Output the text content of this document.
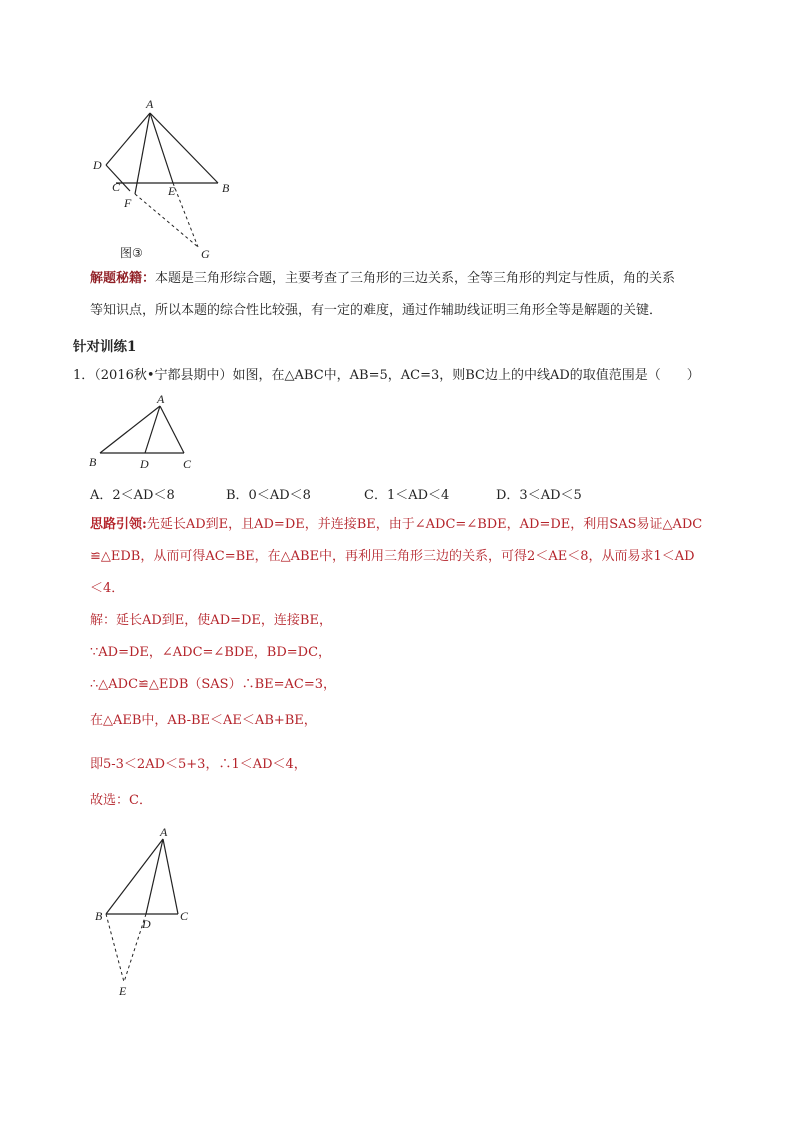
A
D
C	E	B
F
G
图③
解题秘籍：本题是三角形综合题，主要考查了三角形的三边关系，全等三角形的判定与性质，角的关系
等知识点，所以本题的综合性比较强，有一定的难度，通过作辅助线证明三角形全等是解题的关键．
针对训练1
1．（2016秋•宁都县期中）如图，在△ABC中，AB=5，AC=3，则BC边上的中线AD的取值范围是（　　）
A
B	D	C
A．2＜AD＜8	B．0＜AD＜8	C．1＜AD＜4	D．3＜AD＜5
思路引领:先延长AD到E，且AD=DE，并连接BE，由于∠ADC=∠BDE，AD=DE，利用SAS易证△ADC
≌△EDB，从而可得AC=BE，在△ABE中，再利用三角形三边的关系，可得2＜AE＜8，从而易求1＜AD
＜4．
解：延长AD到E，使AD=DE，连接BE，
∵AD=DE，∠ADC=∠BDE，BD=DC，
∴△ADC≌△EDB（SAS）∴BE=AC=3，
在△AEB中，AB-BE＜AE＜AB+BE，
即5-3＜2AD＜5+3，∴1＜AD＜4，
故选：C．
A
B
D
C
E
